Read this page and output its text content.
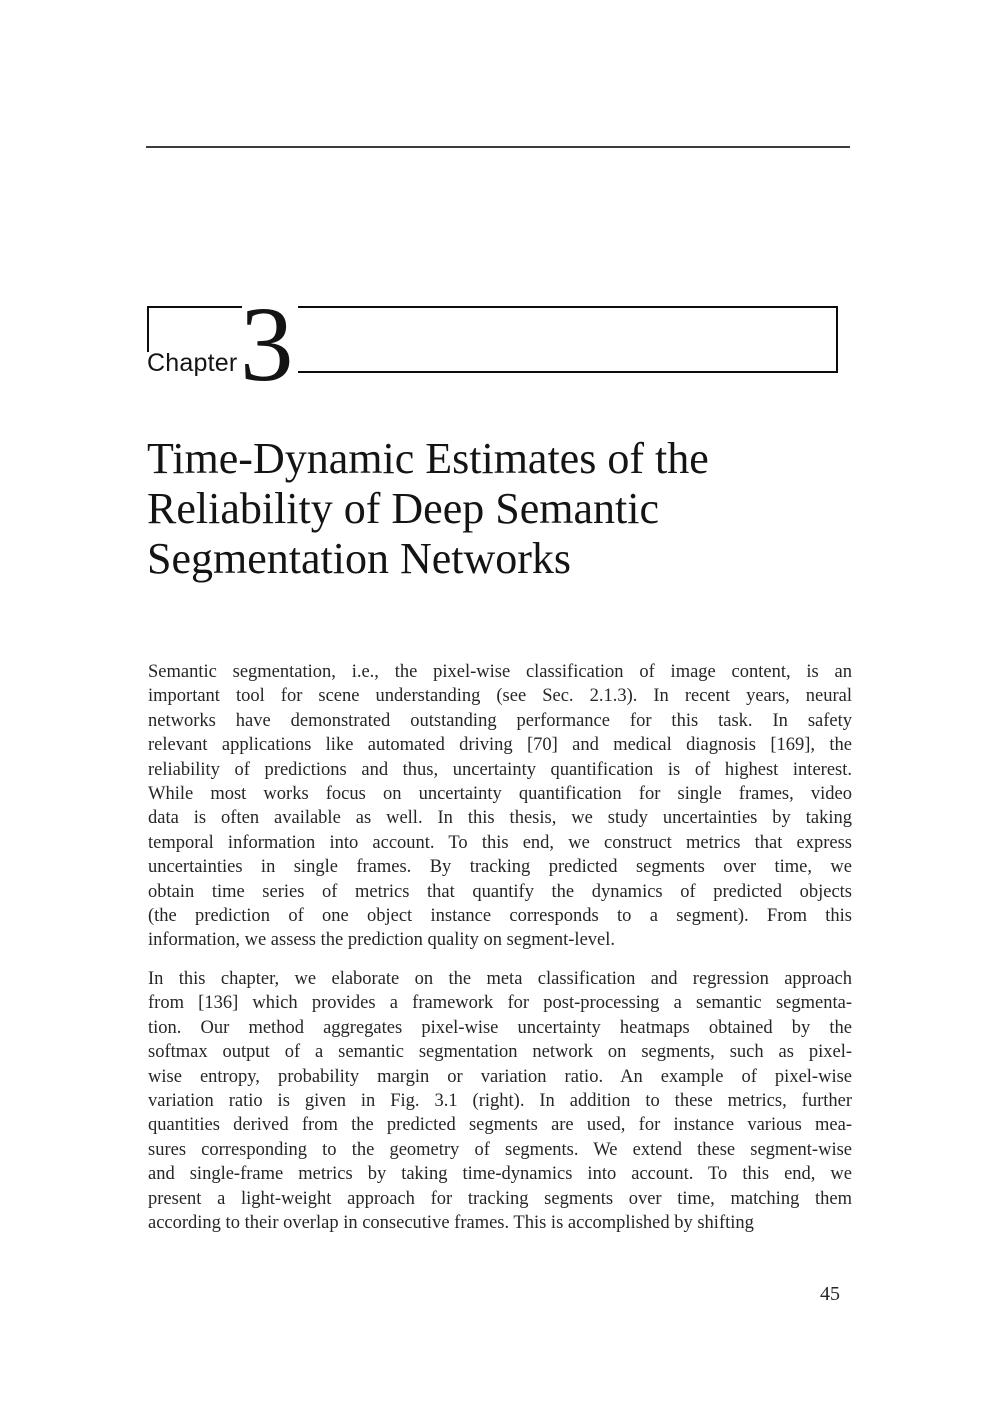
Chapter 3
Time-Dynamic Estimates of the
Reliability of Deep Semantic
Segmentation Networks
Semantic segmentation, i.e., the pixel-wise classification of image content, is an
important tool for scene understanding (see Sec. 2.1.3). In recent years, neural
networks have demonstrated outstanding performance for this task. In safety
relevant applications like automated driving [70] and medical diagnosis [169], the
reliability of predictions and thus, uncertainty quantification is of highest interest.
While most works focus on uncertainty quantification for single frames, video
data is often available as well. In this thesis, we study uncertainties by taking
temporal information into account. To this end, we construct metrics that express
uncertainties in single frames. By tracking predicted segments over time, we
obtain time series of metrics that quantify the dynamics of predicted objects
(the prediction of one object instance corresponds to a segment). From this
information, we assess the prediction quality on segment-level.
In this chapter, we elaborate on the meta classification and regression approach
from [136] which provides a framework for post-processing a semantic segmenta-
tion. Our method aggregates pixel-wise uncertainty heatmaps obtained by the
softmax output of a semantic segmentation network on segments, such as pixel-
wise entropy, probability margin or variation ratio. An example of pixel-wise
variation ratio is given in Fig. 3.1 (right). In addition to these metrics, further
quantities derived from the predicted segments are used, for instance various mea-
sures corresponding to the geometry of segments. We extend these segment-wise
and single-frame metrics by taking time-dynamics into account. To this end, we
present a light-weight approach for tracking segments over time, matching them
according to their overlap in consecutive frames. This is accomplished by shifting
45
